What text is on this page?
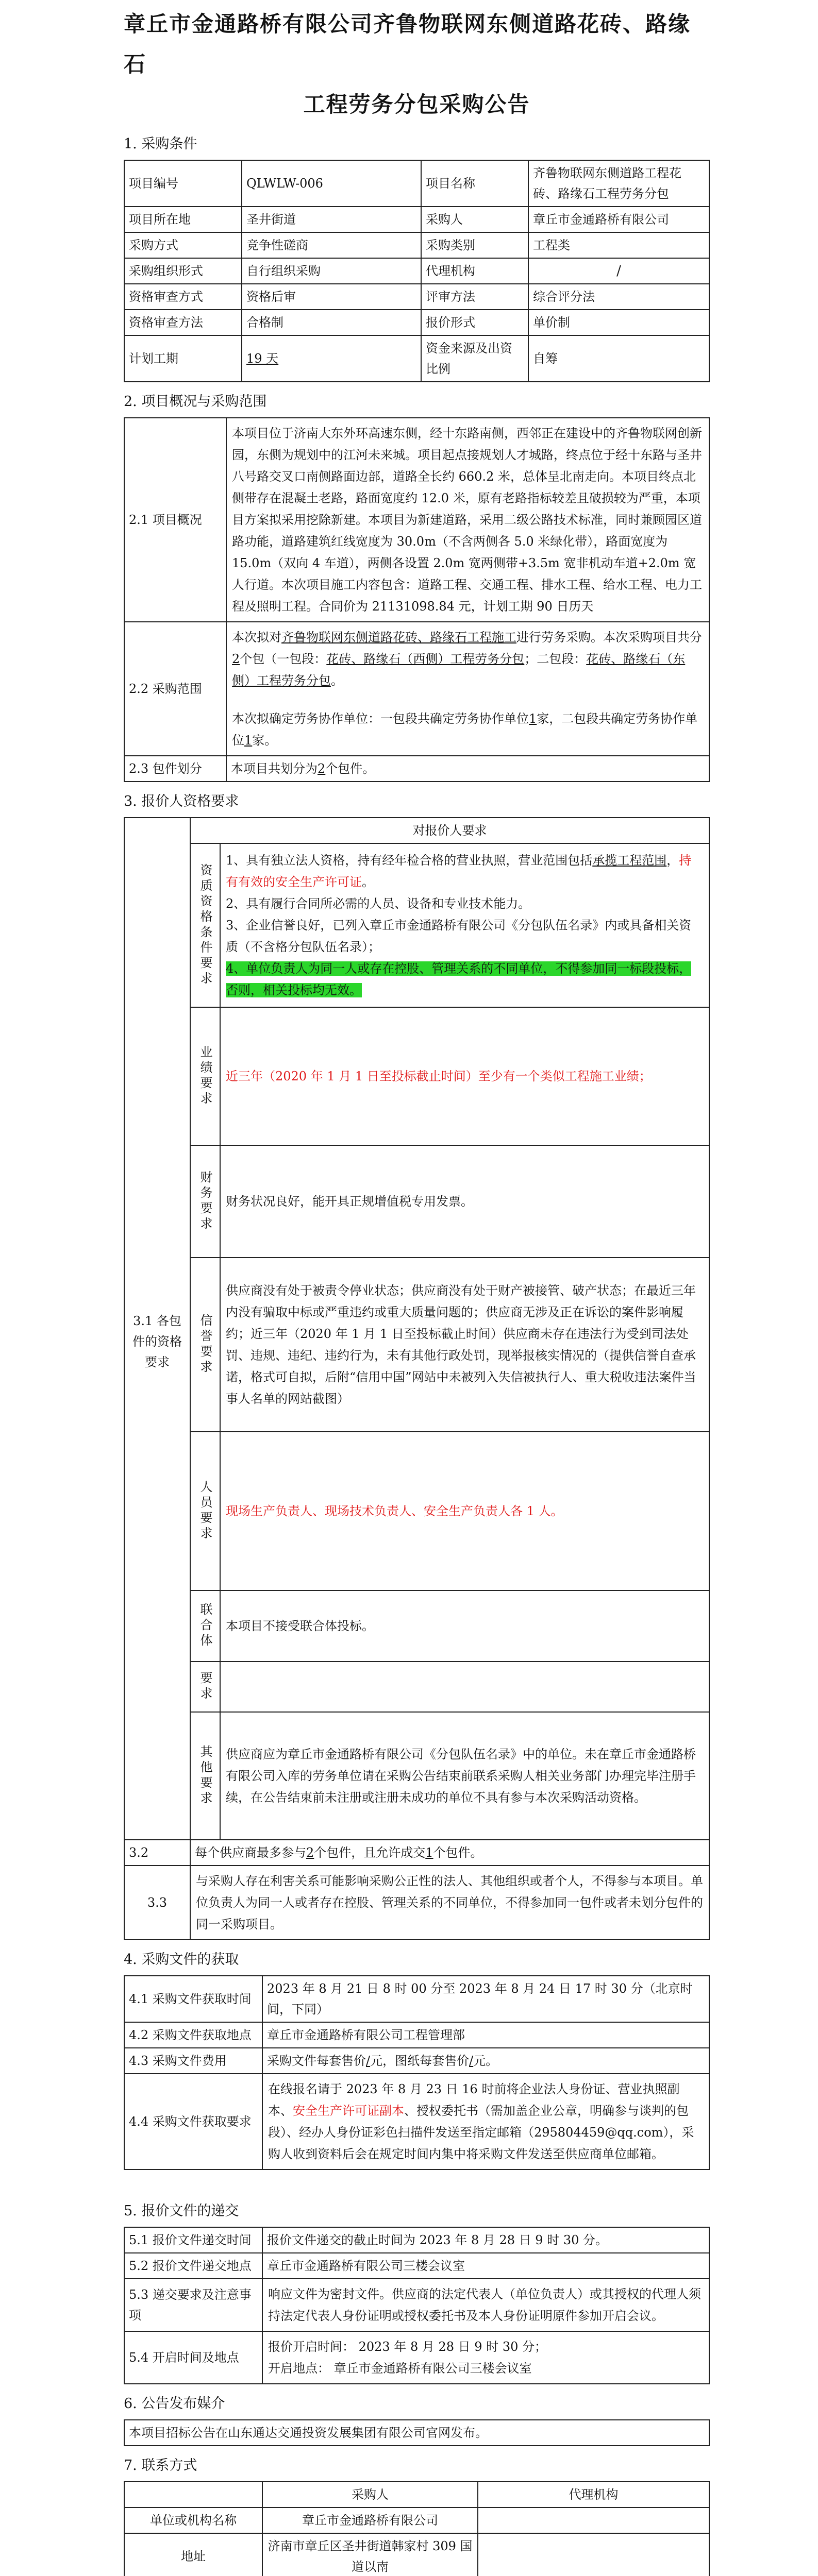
章丘市金通路桥有限公司齐鲁物联网东侧道路花砖、路缘石
工程劳务分包采购公告
1. 采购条件
项目编号	QLWLW-006	项目名称	齐鲁物联网东侧道路工程花砖、路缘石工程劳务分包
项目所在地	圣井街道	采购人	章丘市金通路桥有限公司
采购方式	竞争性磋商	采购类别	工程类
采购组织形式	自行组织采购	代理机构	/
资格审查方式	资格后审	评审方法	综合评分法
资格审查方法	合格制	报价形式	单价制
计划工期	19 天	资金来源及出资比例	自筹
2. 项目概况与采购范围
2.1 项目概况	本项目位于济南大东外环高速东侧，经十东路南侧，西邻正在建设中的齐鲁物联网创新园，东侧为规划中的江河未来城。项目起点接规划人才城路，终点位于经十东路与圣井八号路交叉口南侧路面边部，道路全长约 660.2 米，总体呈北南走向。本项目终点北侧带存在混凝土老路，路面宽度约 12.0 米，原有老路指标较差且破损较为严重，本项目方案拟采用挖除新建。本项目为新建道路，采用二级公路技术标准，同时兼顾园区道路功能，道路建筑红线宽度为 30.0m（不含两侧各 5.0 米绿化带），路面宽度为 15.0m（双向 4 车道），两侧各设置 2.0m 宽两侧带+3.5m 宽非机动车道+2.0m 宽人行道。本次项目施工内容包含：道路工程、交通工程、排水工程、给水工程、电力工程及照明工程。合同价为 21131098.84 元，计划工期 90 日历天
2.2 采购范围	本次拟对齐鲁物联网东侧道路花砖、路缘石工程施工进行劳务采购。本次采购项目共分2个包（一包段：花砖、路缘石（西侧）工程劳务分包；二包段：花砖、路缘石（东侧）工程劳务分包。
本次拟确定劳务协作单位：一包段共确定劳务协作单位1家，二包段共确定劳务协作单位1家。

2.3 包件划分	本项目共划分为2个包件。
3. 报价人资格要求
	对报价人要求	
3.1 各包件的资格要求	资质资格条件要求	1、具有独立法人资格，持有经年检合格的营业执照，营业范围包括承揽工程范围，持有有效的安全生产许可证。
2、具有履行合同所必需的人员、设备和专业技术能力。
3、企业信誉良好，已列入章丘市金通路桥有限公司《分包队伍名录》内或具备相关资质（不含格分包队伍名录）；
4、单位负责人为同一人或存在控股、管理关系的不同单位，不得参加同一标段投标，否则，相关投标均无效。

	业绩要求	近三年（2020 年 1 月 1 日至投标截止时间）至少有一个类似工程施工业绩；
	财务要求	财务状况良好，能开具正规增值税专用发票。
	信誉要求	供应商没有处于被责令停业状态；供应商没有处于财产被接管、破产状态；在最近三年内没有骗取中标或严重违约或重大质量问题的；供应商无涉及正在诉讼的案件影响履约；近三年（2020 年 1 月 1 日至投标截止时间）供应商未存在违法行为受到司法处罚、违规、违纪、违约行为，未有其他行政处罚，现举报核实情况的（提供信誉自查承诺，格式可自拟，后附“信用中国”网站中未被列入失信被执行人、重大税收违法案件当事人名单的网站截图）
	人员要求	现场生产负责人、现场技术负责人、安全生产负责人各 1 人。
	联合体	本项目不接受联合体投标。
	要求	
	其他要求	供应商应为章丘市金通路桥有限公司《分包队伍名录》中的单位。未在章丘市金通路桥有限公司入库的劳务单位请在采购公告结束前联系采购人相关业务部门办理完毕注册手续，在公告结束前未注册或注册未成功的单位不具有参与本次采购活动资格。
3.2	每个供应商最多参与2个包件，且允许成交1个包件。	
3.3	与采购人存在利害关系可能影响采购公正性的法人、其他组织或者个人，不得参与本项目。单位负责人为同一人或者存在控股、管理关系的不同单位，不得参加同一包件或者未划分包件的同一采购项目。	
4. 采购文件的获取
4.1 采购文件获取时间	2023 年 8 月 21 日 8 时 00 分至 2023 年 8 月 24 日 17 时 30 分（北京时间，下同）
4.2 采购文件获取地点	章丘市金通路桥有限公司工程管理部
4.3 采购文件费用	采购文件每套售价/元，图纸每套售价/元。
4.4 采购文件获取要求	在线报名请于 2023 年 8 月 23 日 16 时前将企业法人身份证、营业执照副本、安全生产许可证副本、授权委托书（需加盖企业公章，明确参与谈判的包段）、经办人身份证彩色扫描件发送至指定邮箱（29580445​9@qq.com），采购人收到资料后会在规定时间内集中将采购文件发送至供应商单位邮箱。
5. 报价文件的递交
5.1 报价文件递交时间	报价文件递交的截止时间为 2023 年 8 月 28 日 9 时 30 分。
5.2 报价文件递交地点	章丘市金通路桥有限公司三楼会议室
5.3 递交要求及注意事项	响应文件为密封文件。供应商的法定代表人（单位负责人）或其授权的代理人须持法定代表人身份证明或授权委托书及本人身份证明原件参加开启会议。
5.4 开启时间及地点	报价开启时间： 2023 年 8 月 28 日 9 时 30 分；
开启地点： 章丘市金通路桥有限公司三楼会议室
6. 公告发布媒介
本项目招标公告在山东通达交通投资发展集团有限公司官网发布。
7. 联系方式
	采购人	代理机构
单位或机构名称	章丘市金通路桥有限公司	
地址	济南市章丘区圣井街道韩家村 309 国道以南	
